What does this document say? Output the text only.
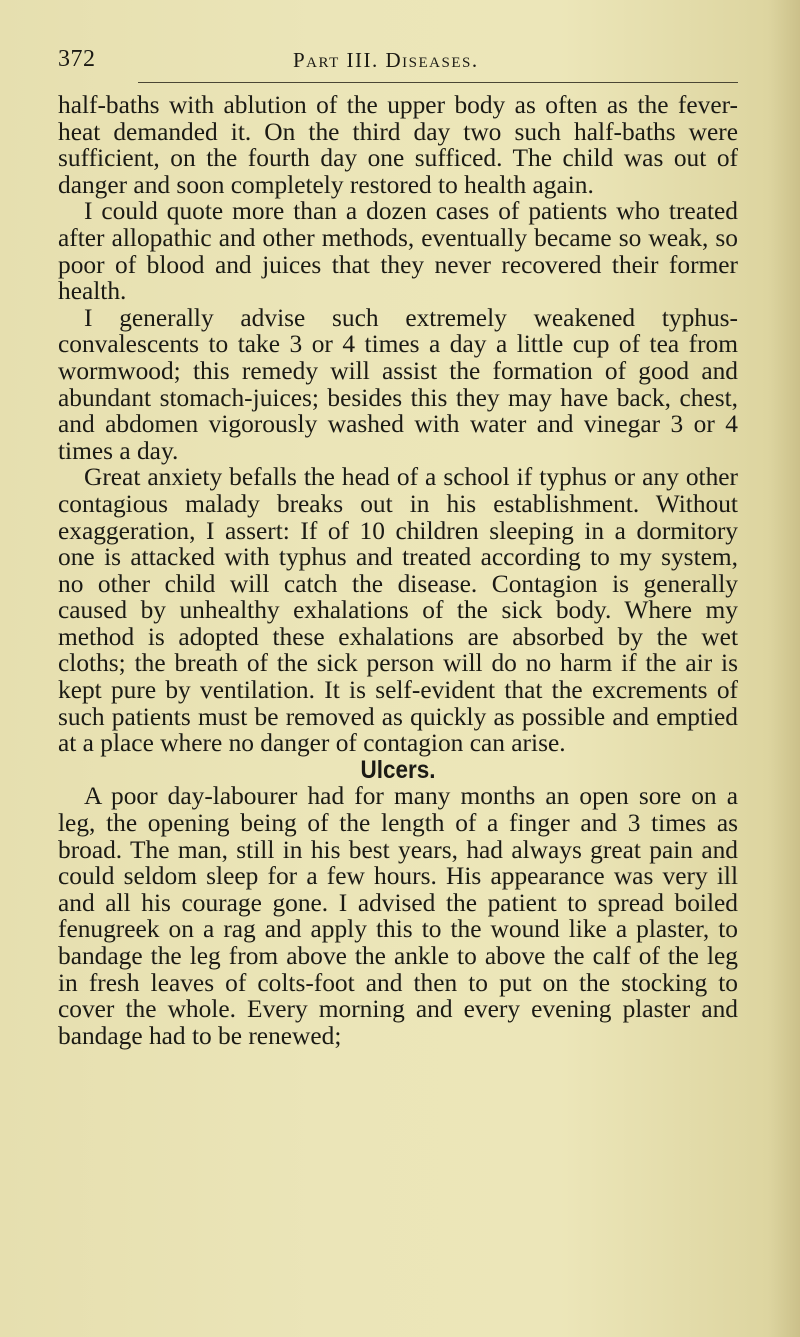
372	Part III. Diseases.

half-baths with ablution of the upper body as often as the fever-heat demanded it. On the third day two such half-baths were sufficient, on the fourth day one sufficed. The child was out of danger and soon completely restored to health again.

I could quote more than a dozen cases of patients who treated after allopathic and other methods, eventually became so weak, so poor of blood and juices that they never recovered their former health.

I generally advise such extremely weakened typhus-convalescents to take 3 or 4 times a day a little cup of tea from wormwood; this remedy will assist the formation of good and abundant stomach-juices; besides this they may have back, chest, and abdomen vigorously washed with water and vinegar 3 or 4 times a day.

Great anxiety befalls the head of a school if typhus or any other contagious malady breaks out in his establishment. Without exaggeration, I assert: If of 10 children sleeping in a dormitory one is attacked with typhus and treated according to my system, no other child will catch the disease. Contagion is generally caused by unhealthy exhalations of the sick body. Where my method is adopted these exhalations are absorbed by the wet cloths; the breath of the sick person will do no harm if the air is kept pure by ventilation. It is self-evident that the excrements of such patients must be removed as quickly as possible and emptied at a place where no danger of contagion can arise.

Ulcers.

A poor day-labourer had for many months an open sore on a leg, the opening being of the length of a finger and 3 times as broad. The man, still in his best years, had always great pain and could seldom sleep for a few hours. His appearance was very ill and all his courage gone. I advised the patient to spread boiled fenugreek on a rag and apply this to the wound like a plaster, to bandage the leg from above the ankle to above the calf of the leg in fresh leaves of colts-foot and then to put on the stocking to cover the whole. Every morning and every evening plaster and bandage had to be renewed;
